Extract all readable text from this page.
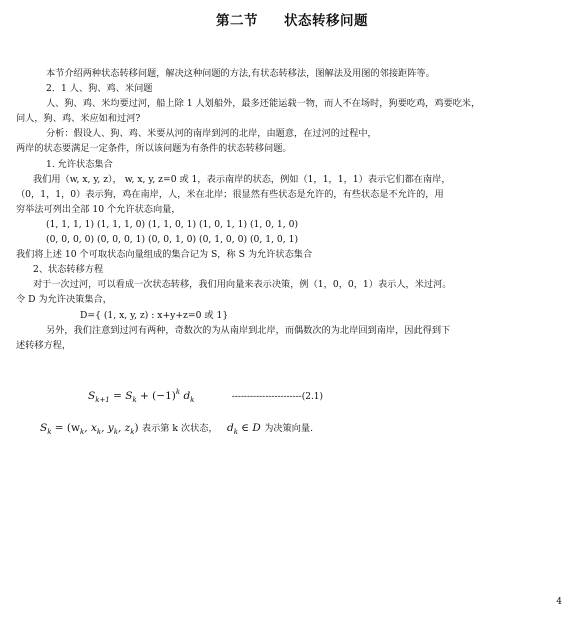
第二节 状态转移问题

本节介绍两种状态转移问题，解决这种问题的方法,有状态转移法，图解法及用图的邻接距阵等。

2．1 人、狗、鸡、米问题

人、狗、鸡、米均要过河，船上除 1 人划船外，最多还能运载一物，而人不在场时，狗要吃鸡，鸡要吃米，

问人，狗、鸡、米应如和过河?

分析：假设人、狗、鸡、米要从河的南岸到河的北岸，由题意，在过河的过程中，

两岸的状态要满足一定条件，所以该问题为有条件的状态转移问题。

1. 允许状态集合

我们用（w, x, y, z）， w, x, y, z=0 或 1，表示南岸的状态，例如（1，1，1，1）表示它们都在南岸，

（0，1，1，0）表示狗，鸡在南岸，人，米在北岸；很显然有些状态是允许的，有些状态是不允许的，用

穷举法可列出全部 10 个允许状态向量，

(1, 1, 1, 1) (1, 1, 1, 0) (1, 1, 0, 1) (1, 0, 1, 1) (1, 0, 1, 0)

(0, 0, 0, 0) (0, 0, 0, 1) (0, 0, 1, 0) (0, 1, 0, 0) (0, 1, 0, 1)

我们将上述 10 个可取状态向量组成的集合记为 S，称 S 为允许状态集合

2、状态转移方程

对于一次过河，可以看成一次状态转移，我们用向量来表示决策，例（1，0，0，1）表示人，米过河。

令 D 为允许决策集合，

D={ (1, x, y, z) : x+y+z=0 或 1}

另外，我们注意到过河有两种，奇数次的为从南岸到北岸，而偶数次的为北岸回到南岸，因此得到下

述转移方程，

$S_{k+1} = S_k + (-1)^k$ $d_k$	-----------------------(2.1)
$S_k = (w_k$, $x_k$, $y_k$, $z_k$) 表示第 k 次状态， $d_k$ ∈ D 为决策向量.
4
